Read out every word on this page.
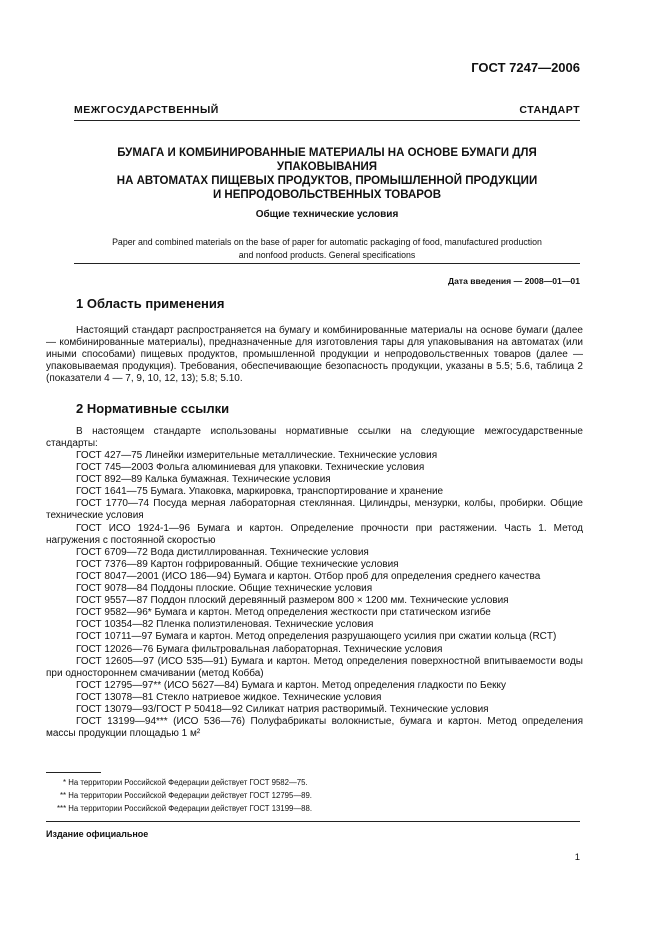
ГОСТ 7247—2006
МЕЖГОСУДАРСТВЕННЫЙ СТАНДАРТ
БУМАГА И КОМБИНИРОВАННЫЕ МАТЕРИАЛЫ НА ОСНОВЕ БУМАГИ ДЛЯ УПАКОВЫВАНИЯ
НА АВТОМАТАХ ПИЩЕВЫХ ПРОДУКТОВ, ПРОМЫШЛЕННОЙ ПРОДУКЦИИ
И НЕПРОДОВОЛЬСТВЕННЫХ ТОВАРОВ
Общие технические условия
Paper and combined materials on the base of paper for automatic packaging of food, manufactured production
and nonfood products. General specifications
Дата введения — 2008—01—01
1 Область применения
Настоящий стандарт распространяется на бумагу и комбинированные материалы на основе бумаги (далее — комбинированные материалы), предназначенные для изготовления тары для упаковывания на автоматах (или иными способами) пищевых продуктов, промышленной продукции и непродовольственных товаров (далее — упаковываемая продукция). Требования, обеспечивающие безопасность продукции, указаны в 5.5; 5.6, таблица 2 (показатели 4 — 7, 9, 10, 12, 13); 5.8; 5.10.
2 Нормативные ссылки
В настоящем стандарте использованы нормативные ссылки на следующие межгосударственные стандарты:
ГОСТ 427—75 Линейки измерительные металлические. Технические условия
ГОСТ 745—2003 Фольга алюминиевая для упаковки. Технические условия
ГОСТ 892—89 Калька бумажная. Технические условия
ГОСТ 1641—75 Бумага. Упаковка, маркировка, транспортирование и хранение
ГОСТ 1770—74 Посуда мерная лабораторная стеклянная. Цилиндры, мензурки, колбы, пробирки. Общие технические условия
ГОСТ ИСО 1924-1—96 Бумага и картон. Определение прочности при растяжении. Часть 1. Метод нагружения с постоянной скоростью
ГОСТ 6709—72 Вода дистиллированная. Технические условия
ГОСТ 7376—89 Картон гофрированный. Общие технические условия
ГОСТ 8047—2001 (ИСО 186—94) Бумага и картон. Отбор проб для определения среднего качества
ГОСТ 9078—84 Поддоны плоские. Общие технические условия
ГОСТ 9557—87 Поддон плоский деревянный размером 800 × 1200 мм. Технические условия
ГОСТ 9582—96* Бумага и картон. Метод определения жесткости при статическом изгибе
ГОСТ 10354—82 Пленка полиэтиленовая. Технические условия
ГОСТ 10711—97 Бумага и картон. Метод определения разрушающего усилия при сжатии кольца (RCT)
ГОСТ 12026—76 Бумага фильтровальная лабораторная. Технические условия
ГОСТ 12605—97 (ИСО 535—91) Бумага и картон. Метод определения поверхностной впитываемости воды при одностороннем смачивании (метод Кобба)
ГОСТ 12795—97** (ИСО 5627—84) Бумага и картон. Метод определения гладкости по Бекку
ГОСТ 13078—81 Стекло натриевое жидкое. Технические условия
ГОСТ 13079—93/ГОСТ Р 50418—92 Силикат натрия растворимый. Технические условия
ГОСТ 13199—94*** (ИСО 536—76) Полуфабрикаты волокнистые, бумага и картон. Метод определения массы продукции площадью 1 м²
* На территории Российской Федерации действует ГОСТ 9582—75.
** На территории Российской Федерации действует ГОСТ 12795—89.
*** На территории Российской Федерации действует ГОСТ 13199—88.
Издание официальное
1
